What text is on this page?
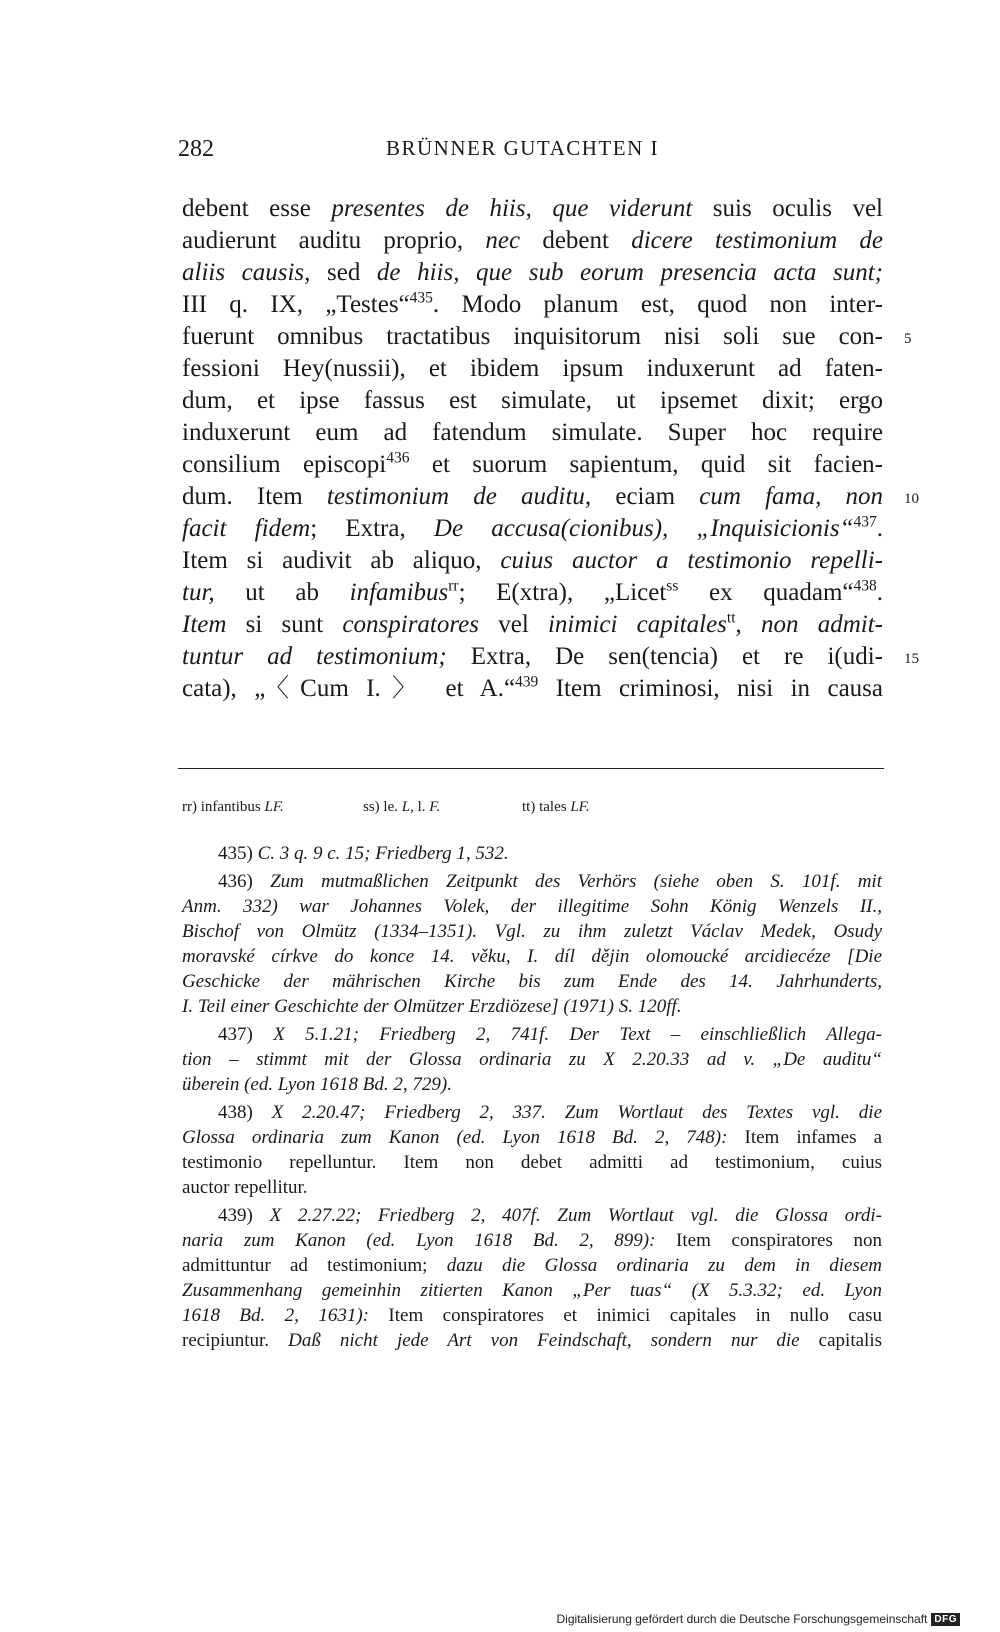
282	BRÜNNER GUTACHTEN I
debent esse presentes de hiis, que viderunt suis oculis vel
audierunt auditu proprio, nec debent dicere testimonium de
aliis causis, sed de hiis, que sub eorum presencia acta sunt;
III q. IX, „Testes“$^{435}$. Modo planum est, quod non inter-
fuerunt omnibus tractatibus inquisitorum nisi soli sue con-
fessioni Hey(nussii), et ibidem ipsum induxerunt ad faten-
dum, et ipse fassus est simulate, ut ipsemet dixit; ergo
induxerunt eum ad fatendum simulate. Super hoc require
consilium episcopi$^{436}$ et suorum sapientum, quid sit facien-
dum. Item testimonium de auditu, eciam cum fama, non
facit fidem; Extra, De accusa(cionibus), „Inquisicionis“$^{437}$.
Item si audivit ab aliquo, cuius auctor a testimonio repelli-
tur, ut ab infamibus$^{rr}$; E(xtra), „Licet$^{ss}$ ex quadam“$^{438}$.
Item si sunt conspiratores vel inimici capitales$^{tt}$, non admit-
tuntur ad testimonium; Extra, De sen(tencia) et re i(udi-
cata), „〈Cum I.〉 et A.“$^{439}$ Item criminosi, nisi in causa
5
10
15
rr) infantibus LF.	ss) le. L, l. F.	tt) tales LF.
435) C. 3 q. 9 c. 15; Friedberg 1, 532.
436) Zum mutmaßlichen Zeitpunkt des Verhörs (siehe oben S. 101f. mit
Anm. 332) war Johannes Volek, der illegitime Sohn König Wenzels II.,
Bischof von Olmütz (1334–1351). Vgl. zu ihm zuletzt Václav Medek, Osudy
moravské církve do konce 14. věku, I. díl dějin olomoucké arcidiecéze [Die
Geschicke der mährischen Kirche bis zum Ende des 14. Jahrhunderts,
I. Teil einer Geschichte der Olmützer Erzdiözese] (1971) S. 120ff.
437) X 5.1.21; Friedberg 2, 741f. Der Text – einschließlich Allega-
tion – stimmt mit der Glossa ordinaria zu X 2.20.33 ad v. „De auditu“
überein (ed. Lyon 1618 Bd. 2, 729).
438) X 2.20.47; Friedberg 2, 337. Zum Wortlaut des Textes vgl. die
Glossa ordinaria zum Kanon (ed. Lyon 1618 Bd. 2, 748): Item infames a
testimonio repelluntur. Item non debet admitti ad testimonium, cuius
auctor repellitur.
439) X 2.27.22; Friedberg 2, 407f. Zum Wortlaut vgl. die Glossa ordi-
naria zum Kanon (ed. Lyon 1618 Bd. 2, 899): Item conspiratores non
admittuntur ad testimonium; dazu die Glossa ordinaria zu dem in diesem
Zusammenhang gemeinhin zitierten Kanon „Per tuas“ (X 5.3.32; ed. Lyon
1618 Bd. 2, 1631): Item conspiratores et inimici capitales in nullo casu
recipiuntur. Daß nicht jede Art von Feindschaft, sondern nur die capitalis
Digitalisierung gefördert durch die Deutsche Forschungsgemeinschaft DFG
